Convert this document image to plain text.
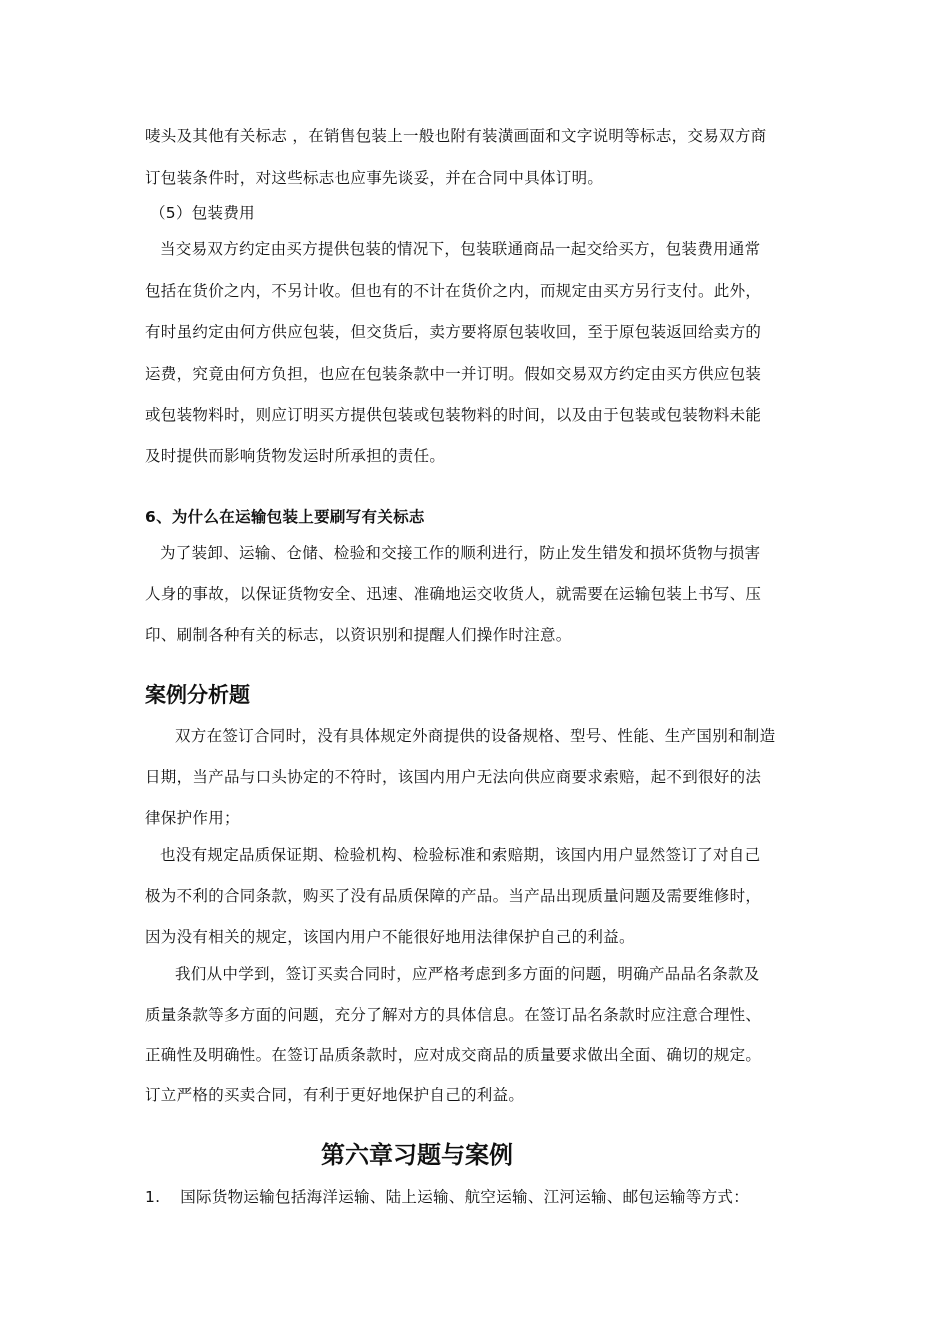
唛头及其他有关标志 ，在销售包装上一般也附有装潢画面和文字说明等标志，交易双方商
订包装条件时，对这些标志也应事先谈妥，并在合同中具体订明。
（5）包装费用
当交易双方约定由买方提供包装的情况下，包装联通商品一起交给买方，包装费用通常
包括在货价之内，不另计收。但也有的不计在货价之内，而规定由买方另行支付。此外，
有时虽约定由何方供应包装，但交货后，卖方要将原包装收回，至于原包装返回给卖方的
运费，究竟由何方负担，也应在包装条款中一并订明。假如交易双方约定由买方供应包装
或包装物料时，则应订明买方提供包装或包装物料的时间，以及由于包装或包装物料未能
及时提供而影响货物发运时所承担的责任。
6、为什么在运输包装上要刷写有关标志
为了装卸、运输、仓储、检验和交接工作的顺利进行，防止发生错发和损坏货物与损害
人身的事故，以保证货物安全、迅速、准确地运交收货人，就需要在运输包装上书写、压
印、刷制各种有关的标志，以资识别和提醒人们操作时注意。
案例分析题
双方在签订合同时，没有具体规定外商提供的设备规格、型号、性能、生产国别和制造
日期，当产品与口头协定的不符时，该国内用户无法向供应商要求索赔，起不到很好的法
律保护作用；
也没有规定品质保证期、检验机构、检验标准和索赔期，该国内用户显然签订了对自己
极为不利的合同条款，购买了没有品质保障的产品。当产品出现质量问题及需要维修时，
因为没有相关的规定，该国内用户不能很好地用法律保护自己的利益。
我们从中学到，签订买卖合同时，应严格考虑到多方面的问题，明确产品品名条款及
质量条款等多方面的问题，充分了解对方的具体信息。在签订品名条款时应注意合理性、
正确性及明确性。在签订品质条款时，应对成交商品的质量要求做出全面、确切的规定。
订立严格的买卖合同，有利于更好地保护自己的利益。
第六章习题与案例
1. 国际货物运输包括海洋运输、陆上运输、航空运输、江河运输、邮包运输等方式：
